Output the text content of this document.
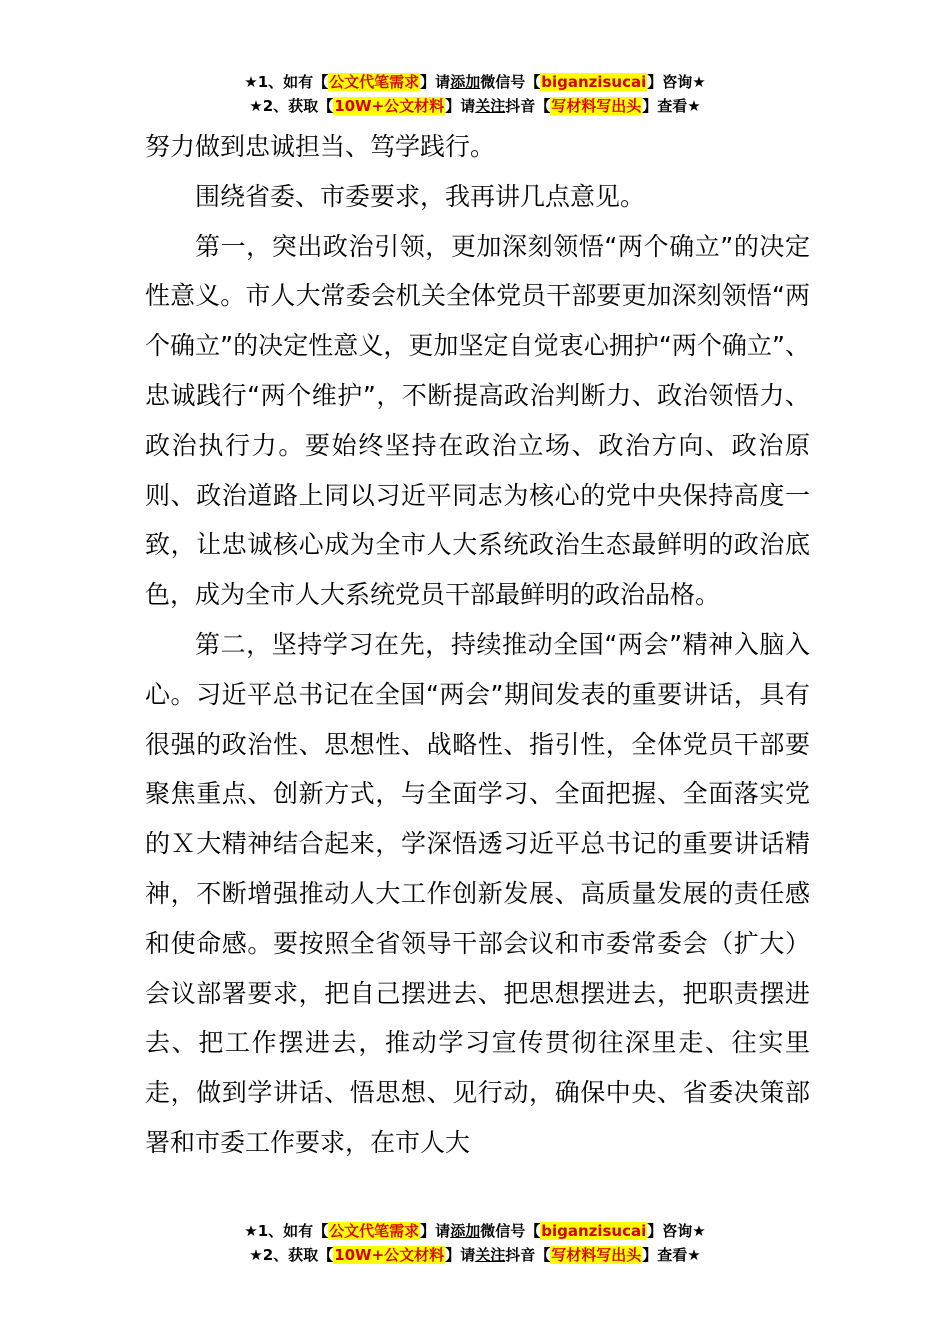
★1、如有【公文代笔需求】请添加微信号【biganzisucai】咨询★
★2、获取【10W+公文材料】请关注抖音【写材料写出头】查看★

努力做到忠诚担当、笃学践行。

围绕省委、市委要求，我再讲几点意见。

第一，突出政治引领，更加深刻领悟“两个确立”的决定性意义。市人大常委会机关全体党员干部要更加深刻领悟“两个确立”的决定性意义，更加坚定自觉衷心拥护“两个确立”、忠诚践行“两个维护”，不断提高政治判断力、政治领悟力、政治执行力。要始终坚持在政治立场、政治方向、政治原则、政治道路上同以习近平同志为核心的党中央保持高度一致，让忠诚核心成为全市人大系统政治生态最鲜明的政治底色，成为全市人大系统党员干部最鲜明的政治品格。

第二，坚持学习在先，持续推动全国“两会”精神入脑入心。习近平总书记在全国“两会”期间发表的重要讲话，具有很强的政治性、思想性、战略性、指引性，全体党员干部要聚焦重点、创新方式，与全面学习、全面把握、全面落实党的Ｘ大精神结合起来，学深悟透习近平总书记的重要讲话精神，不断增强推动人大工作创新发展、高质量发展的责任感和使命感。要按照全省领导干部会议和市委常委会（扩大）会议部署要求，把自己摆进去、把思想摆进去，把职责摆进去、把工作摆进去，推动学习宣传贯彻往深里走、往实里走，做到学讲话、悟思想、见行动，确保中央、省委决策部署和市委工作要求，在市人大

★1、如有【公文代笔需求】请添加微信号【biganzisucai】咨询★
★2、获取【10W+公文材料】请关注抖音【写材料写出头】查看★
